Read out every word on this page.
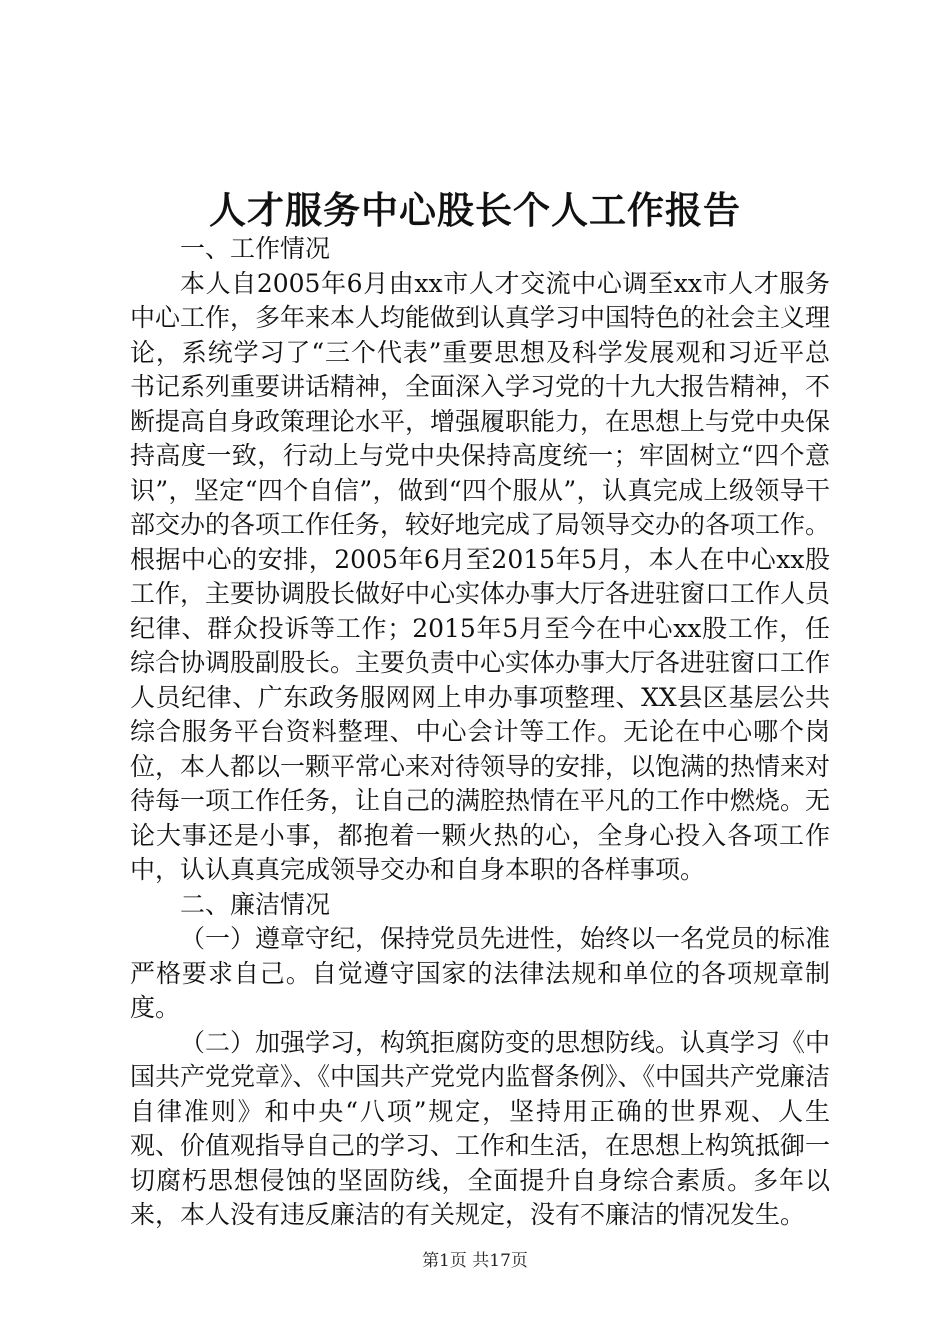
人才服务中心股长个人工作报告

一、工作情况

本人自2005年6月由xx市人才交流中心调至xx市人才服务中心工作，多年来本人均能做到认真学习中国特色的社会主义理论，系统学习了“三个代表”重要思想及科学发展观和习近平总书记系列重要讲话精神，全面深入学习党的十九大报告精神，不断提高自身政策理论水平，增强履职能力，在思想上与党中央保持高度一致，行动上与党中央保持高度统一；牢固树立“四个意识”，坚定“四个自信”，做到“四个服从”，认真完成上级领导干部交办的各项工作任务，较好地完成了局领导交办的各项工作。根据中心的安排，2005年6月至2015年5月，本人在中心xx股工作，主要协调股长做好中心实体办事大厅各进驻窗口工作人员纪律、群众投诉等工作；2015年5月至今在中心xx股工作，任综合协调股副股长。主要负责中心实体办事大厅各进驻窗口工作人员纪律、广东政务服网网上申办事项整理、XX县区基层公共综合服务平台资料整理、中心会计等工作。无论在中心哪个岗位，本人都以一颗平常心来对待领导的安排，以饱满的热情来对待每一项工作任务，让自己的满腔热情在平凡的工作中燃烧。无论大事还是小事，都抱着一颗火热的心，全身心投入各项工作中，认认真真完成领导交办和自身本职的各样事项。

二、廉洁情况

（一）遵章守纪，保持党员先进性，始终以一名党员的标准严格要求自己。自觉遵守国家的法律法规和单位的各项规章制度。

（二）加强学习，构筑拒腐防变的思想防线。认真学习《中国共产党党章》、《中国共产党党内监督条例》、《中国共产党廉洁自律准则》和中央“八项”规定，坚持用正确的世界观、人生观、价值观指导自己的学习、工作和生活，在思想上构筑抵御一切腐朽思想侵蚀的坚固防线，全面提升自身综合素质。多年以来，本人没有违反廉洁的有关规定，没有不廉洁的情况发生。

第1页 共17页
